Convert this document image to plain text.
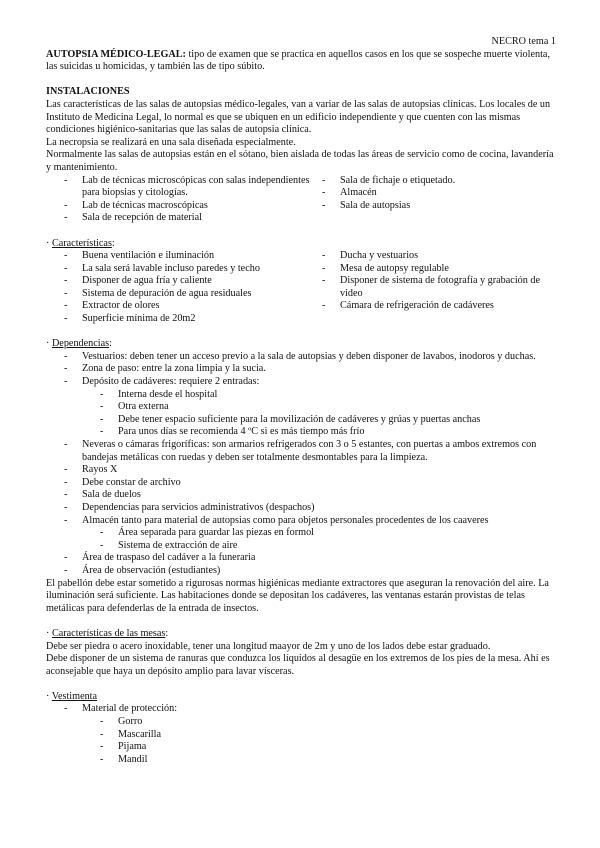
NECRO tema 1

AUTOPSIA MÉDICO-LEGAL: tipo de examen que se practica en aquellos casos en los que se sospeche muerte violenta, las suicidas u homicidas, y también las de tipo súbito.

INSTALACIONES

Las características de las salas de autopsias médico-legales, van a variar de las salas de autopsias clínicas. Los locales de un Instituto de Medicina Legal, lo normal es que se ubiquen en un edificio independiente y que cuenten con las mismas condiciones higiénico-sanitarias que las salas de autopsia clínica.

La necropsia se realizará en una sala diseñada especialmente.

Normalmente las salas de autopsias están en el sótano, bien aislada de todas las áreas de servicio como de cocina, lavandería y mantenimiento.

-	Lab de técnicas microscópicas con salas independientes para biopsias y citologías.
-	Lab de técnicas macroscópicas
-	Sala de recepción de material
-	Sala de fichaje o etiquetado.
-	Almacén
-	Sala de autopsias

· Características:

-	Buena ventilación e iluminación
-	La sala será lavable incluso paredes y techo
-	Disponer de agua fría y caliente
-	Sistema de depuración de agua residuales
-	Extractor de olores
-	Superficie mínima de 20m2
-	Ducha y vestuarios
-	Mesa de autopsy regulable
-	Disponer de sistema de fotografía y grabación de video
-	Cámara de refrigeración de cadáveres

· Dependencias:

-	Vestuarios: deben tener un acceso previo a la sala de autopsias y deben disponer de lavabos, inodoros y duchas.
-	Zona de paso: entre la zona limpia y la sucia.
-	Depósito de cadáveres: requiere 2 entradas:
-	Interna desde el hospital
-	Otra externa
-	Debe tener espacio suficiente para la movilización de cadáveres y grúas y puertas anchas
-	Para unos días se recomienda 4 ºC si es más tiempo más frío
-	Neveras o cámaras frigoríficas: son armarios refrigerados con 3 o 5 estantes, con puertas a ambos extremos con bandejas metálicas con ruedas y deben ser totalmente desmontables para la limpieza.
-	Rayos X
-	Debe constar de archivo
-	Sala de duelos
-	Dependencias para servicios administrativos (despachos)
-	Almacén tanto para material de autopsias como para objetos personales procedentes de los caaveres
-	Área separada para guardar las piezas en formol
-	Sistema de extracción de aire
-	Área de traspaso del cadáver a la funeraria
-	Área de observación (estudiantes)

El pabellón debe estar sometido a rigurosas normas higiénicas mediante extractores que aseguran la renovación del aire. La iluminación será suficiente. Las habitaciones donde se depositan los cadáveres, las ventanas estarán provistas de telas metálicas para defenderlas de la entrada de insectos.

· Características de las mesas:

Debe ser piedra o acero inoxidable, tener una longitud maayor de 2m y uno de los lados debe estar graduado.

Debe disponer de un sistema de ranuras que conduzca los líquidos al desagüe en los extremos de los pies de la mesa. Ahí es aconsejable que haya un depósito amplio para lavar vísceras.

· Vestimenta

-	Material de protección:
-	Gorro
-	Mascarilla
-	Pijama
-	Mandil
